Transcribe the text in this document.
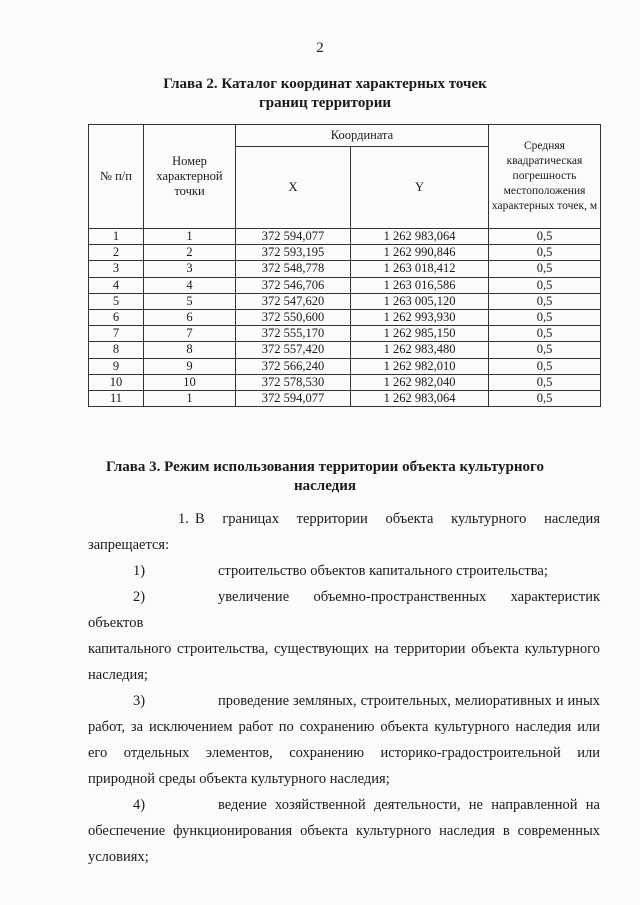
2
Глава 2. Каталог координат характерных точек
границ территории
№ п/п	Номер характерной точки	Координата		Средняя квадратическая погрешность местоположения характерных точек, м
		X	Y	
1	1	372 594,077	1 262 983,064	0,5
2	2	372 593,195	1 262 990,846	0,5
3	3	372 548,778	1 263 018,412	0,5
4	4	372 546,706	1 263 016,586	0,5
5	5	372 547,620	1 263 005,120	0,5
6	6	372 550,600	1 262 993,930	0,5
7	7	372 555,170	1 262 985,150	0,5
8	8	372 557,420	1 262 983,480	0,5
9	9	372 566,240	1 262 982,010	0,5
10	10	372 578,530	1 262 982,040	0,5
11	1	372 594,077	1 262 983,064	0,5
Глава 3. Режим использования территории объекта культурного
наследия
1. В границах территории объекта культурного наследия
запрещается:
1)	строительство объектов капитального строительства;
2)	увеличение объемно-пространственных характеристик объектов
капитального строительства, существующих на территории объекта культурного наследия;
3)	проведение земляных, строительных, мелиоративных и иных
работ, за исключением работ по сохранению объекта культурного наследия или его отдельных элементов, сохранению историко-градостроительной или природной среды объекта культурного наследия;
4)	ведение хозяйственной деятельности, не направленной на
обеспечение функционирования объекта культурного наследия в современных условиях;
